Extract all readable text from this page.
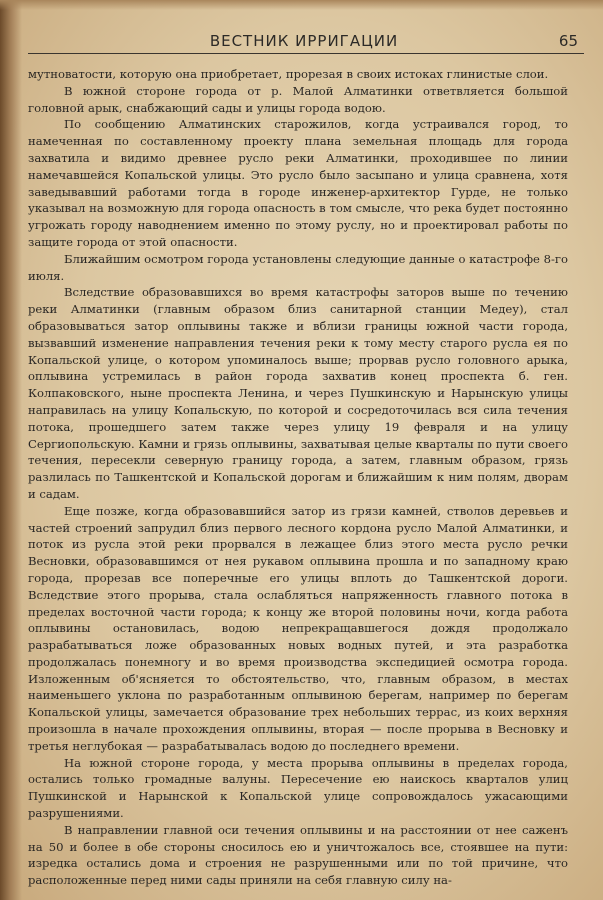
ВЕСТНИК ИРРИГАЦИИ	65

мутноватости, которую она приобретает, прорезая в своих истоках глинистые слои.

В южной стороне города от р. Малой Алматинки ответвляется большой головной арык, снабжающий сады и улицы города водою.

По сообщению Алматинских старожилов, когда устраивался город, то намеченная по составленному проекту плана земельная площадь для города захватила и видимо древнее русло реки Алматинки, проходившее по линии намечавшейся Копальской улицы. Это русло было засыпано и улица сравнена, хотя заведывавший работами тогда в городе инженер-архитектор Гурде, не только указывал на возможную для города опасность в том смысле, что река будет постоянно угрожать городу наводнением именно по этому руслу, но и проектировал работы по защите города от этой опасности.

Ближайшим осмотром города установлены следующие данные о катастрофе 8-го июля.

Вследствие образовавшихся во время катастрофы заторов выше по течению реки Алматинки (главным образом близ санитарной станции Медеу), стал образовываться затор оплывины также и вблизи границы южной части города, вызвавший изменение направления течения реки к тому месту старого русла ея по Копальской улице, о котором упоминалось выше; прорвав русло головного арыка, оплывина устремилась в район города захватив конец проспекта б. ген. Колпаковского, ныне проспекта Ленина, и через Пушкинскую и Нарынскую улицы направилась на улицу Копальскую, по которой и сосредоточилась вся сила течения потока, прошедшего затем также через улицу 19 февраля и на улицу Сергиопольскую. Камни и грязь оплывины, захватывая целые кварталы по пути своего течения, пересекли северную границу города, а затем, главным образом, грязь разлилась по Ташкентской и Копальской дорогам и ближайшим к ним полям, дворам и садам.

Еще позже, когда образовавшийся затор из грязи камней, стволов деревьев и частей строений запрудил близ первого лесного кордона русло Малой Алматинки, и поток из русла этой реки прорвался в лежащее близ этого места русло речки Весновки, образовавшимся от нея рукавом оплывина прошла и по западному краю города, прорезав все поперечные его улицы вплоть до Ташкентской дороги. Вследствие этого прорыва, стала ослабляться напряженность главного потока в пределах восточной части города; к концу же второй половины ночи, когда работа оплывины остановилась, водою непрекращавшегося дождя продолжало разрабатываться ложе образованных новых водных путей, и эта разработка продолжалась понемногу и во время производства экспедицией осмотра города. Изложенным об'ясняется то обстоятельство, что, главным образом, в местах наименьшего уклона по разработанным оплывиною берегам, например по берегам Копальской улицы, замечается образование трех небольших террас, из коих верхняя произошла в начале прохождения оплывины, вторая — после прорыва в Весновку и третья неглубокая — разрабатывалась водою до последнего времени.

На южной стороне города, у места прорыва оплывины в пределах города, остались только громадные валуны. Пересечение ею наискось кварталов улиц Пушкинской и Нарынской к Копальской улице сопровождалось ужасающими разрушениями.

В направлении главной оси течения оплывины и на расстоянии от нее саженъ на 50 и более в обе стороны сносилось ею и уничтожалось все, стоявшее на пути: изредка остались дома и строения не разрушенными или по той причине, что расположенные перед ними сады приняли на себя главную силу на-
